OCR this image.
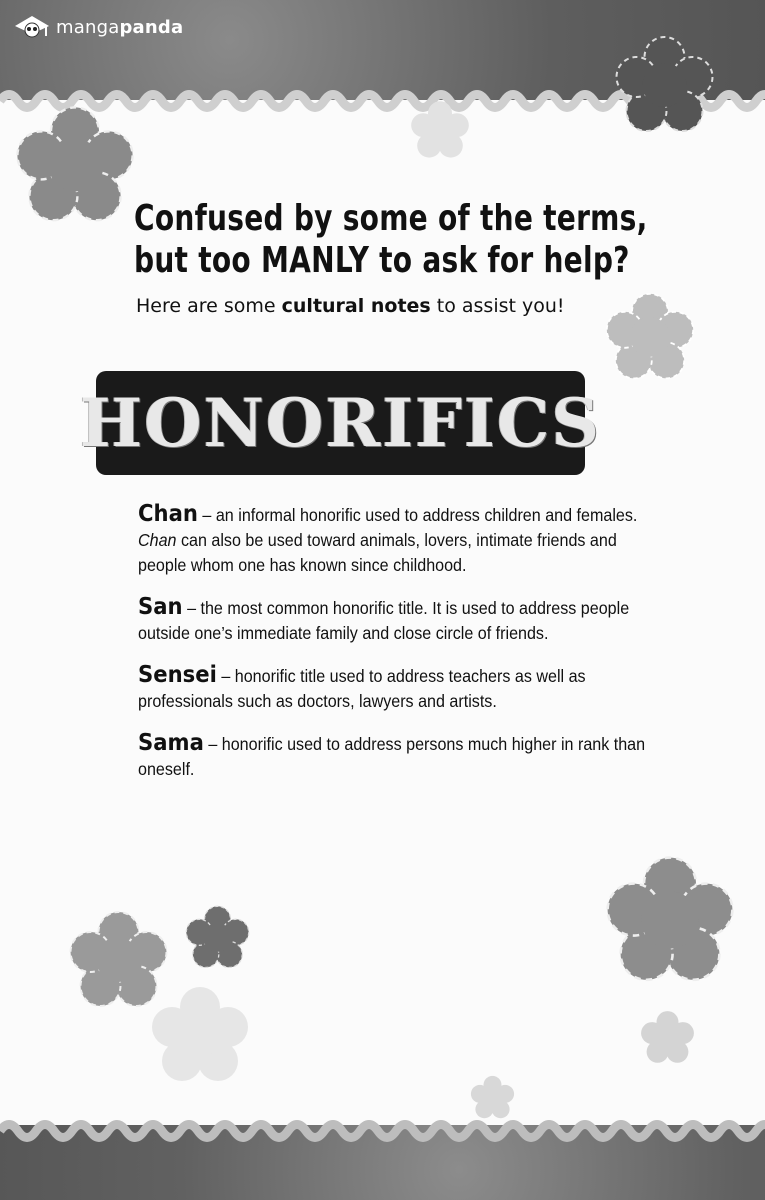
mangapanda
Confused by some of the terms,
but too MANLY to ask for help?
Here are some cultural notes to assist you!
HONORIFICS
Chan – an informal honorific used to address children and females. Chan can also be used toward animals, lovers, intimate friends and people whom one has known since childhood.
San – the most common honorific title. It is used to address people outside one’s immediate family and close circle of friends.
Sensei – honorific title used to address teachers as well as professionals such as doctors, lawyers and artists.
Sama – honorific used to address persons much higher in rank than oneself.
